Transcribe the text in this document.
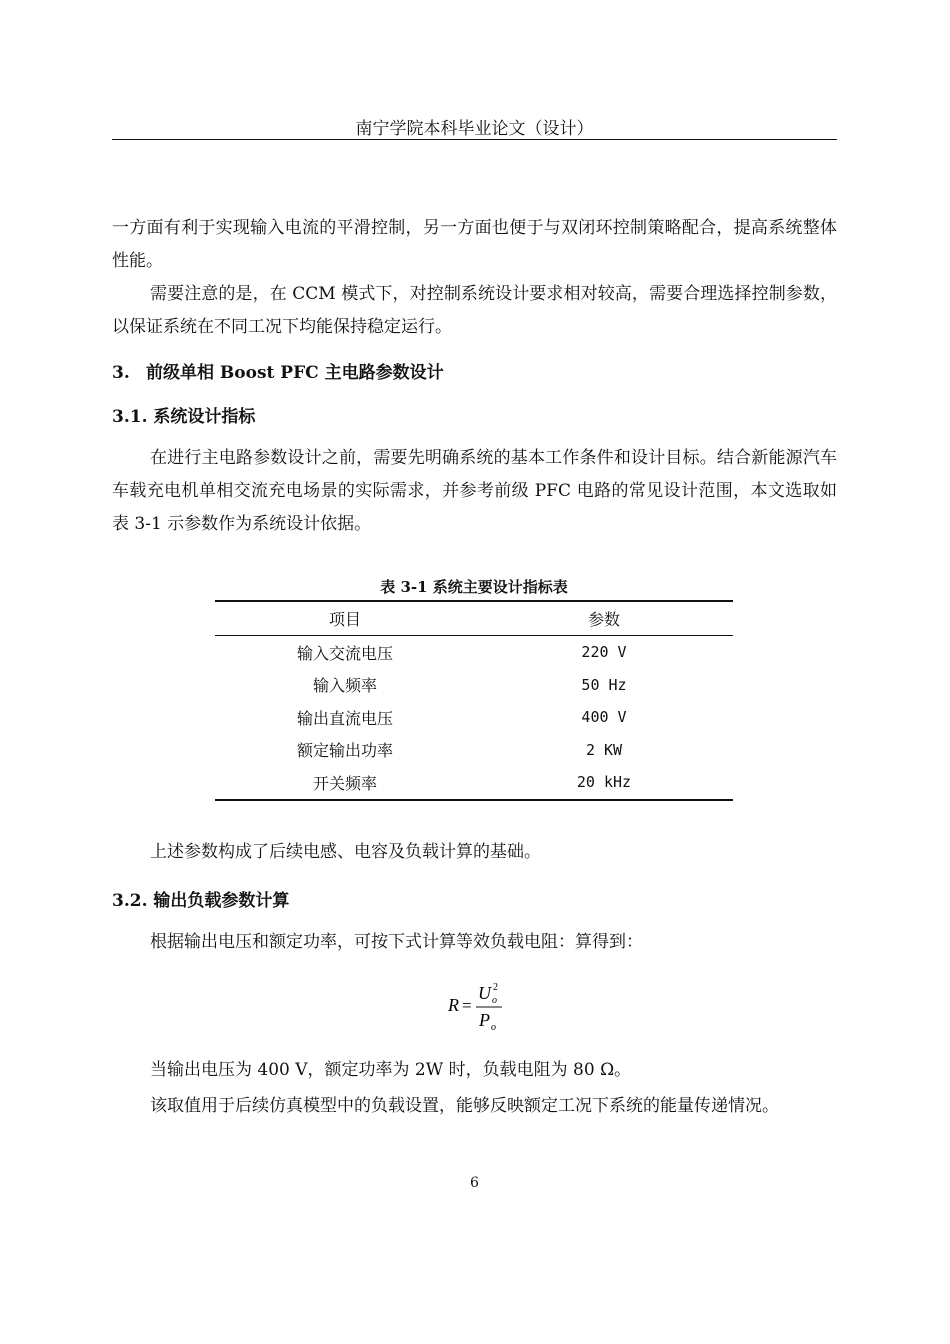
南宁学院本科毕业论文（设计）

一方面有利于实现输入电流的平滑控制，另一方面也便于与双闭环控制策略配合，提高系统整体性能。

需要注意的是，在 CCM 模式下，对控制系统设计要求相对较高，需要合理选择控制参数，以保证系统在不同工况下均能保持稳定运行。

3. 前级单相 Boost PFC 主电路参数设计
3.1. 系统设计指标

在进行主电路参数设计之前，需要先明确系统的基本工作条件和设计目标。结合新能源汽车车载充电机单相交流充电场景的实际需求，并参考前级 PFC 电路的常见设计范围，本文选取如表 3-1 示参数作为系统设计依据。

表 3-1 系统主要设计指标表
项目	参数
输入交流电压	220 V
输入频率	50 Hz
输出直流电压	400 V
额定输出功率	2 KW
开关频率	20 kHz

上述参数构成了后续电感、电容及负载计算的基础。

3.2. 输出负载参数计算

根据输出电压和额定功率，可按下式计算等效负载电阻：算得到：

R =
U 2
o
P o

当输出电压为 400 V，额定功率为 2W 时，负载电阻为 80 Ω。

该取值用于后续仿真模型中的负载设置，能够反映额定工况下系统的能量传递情况。

6
